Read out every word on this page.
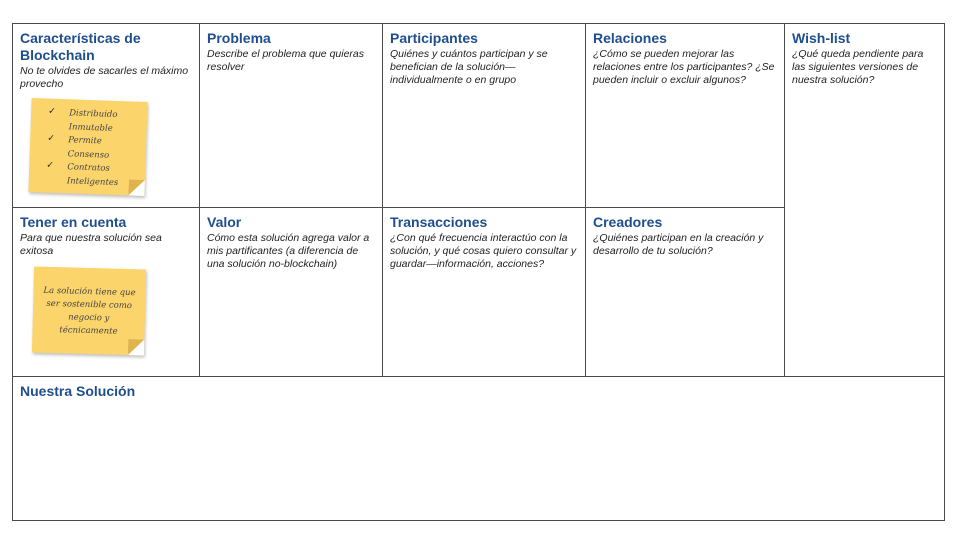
Características de Blockchain
No te olvides de sacarles el máximo provecho
✓ Distribuido
Inmutable
✓ Permite Consenso
✓ Contratos
Inteligentes
Problema
Describe el problema que quieras resolver
Participantes
Quiénes y cuántos participan y se benefician de la solución—individualmente o en grupo
Relaciones
¿Cómo se pueden mejorar las relaciones entre los participantes? ¿Se pueden incluir o excluir algunos?
Wish-list
¿Qué queda pendiente para las siguientes versiones de nuestra solución?
Tener en cuenta
Para que nuestra solución sea exitosa
La solución tiene que ser sostenible como negocio y técnicamente
Valor
Cómo esta solución agrega valor a mis partificantes (a diferencia de una solución no-blockchain)
Transacciones
¿Con qué frecuencia interactúo con la solución, y qué cosas quiero consultar y guardar—información, acciones?
Creadores
¿Quiénes participan en la creación y desarrollo de tu solución?
Nuestra Solución
